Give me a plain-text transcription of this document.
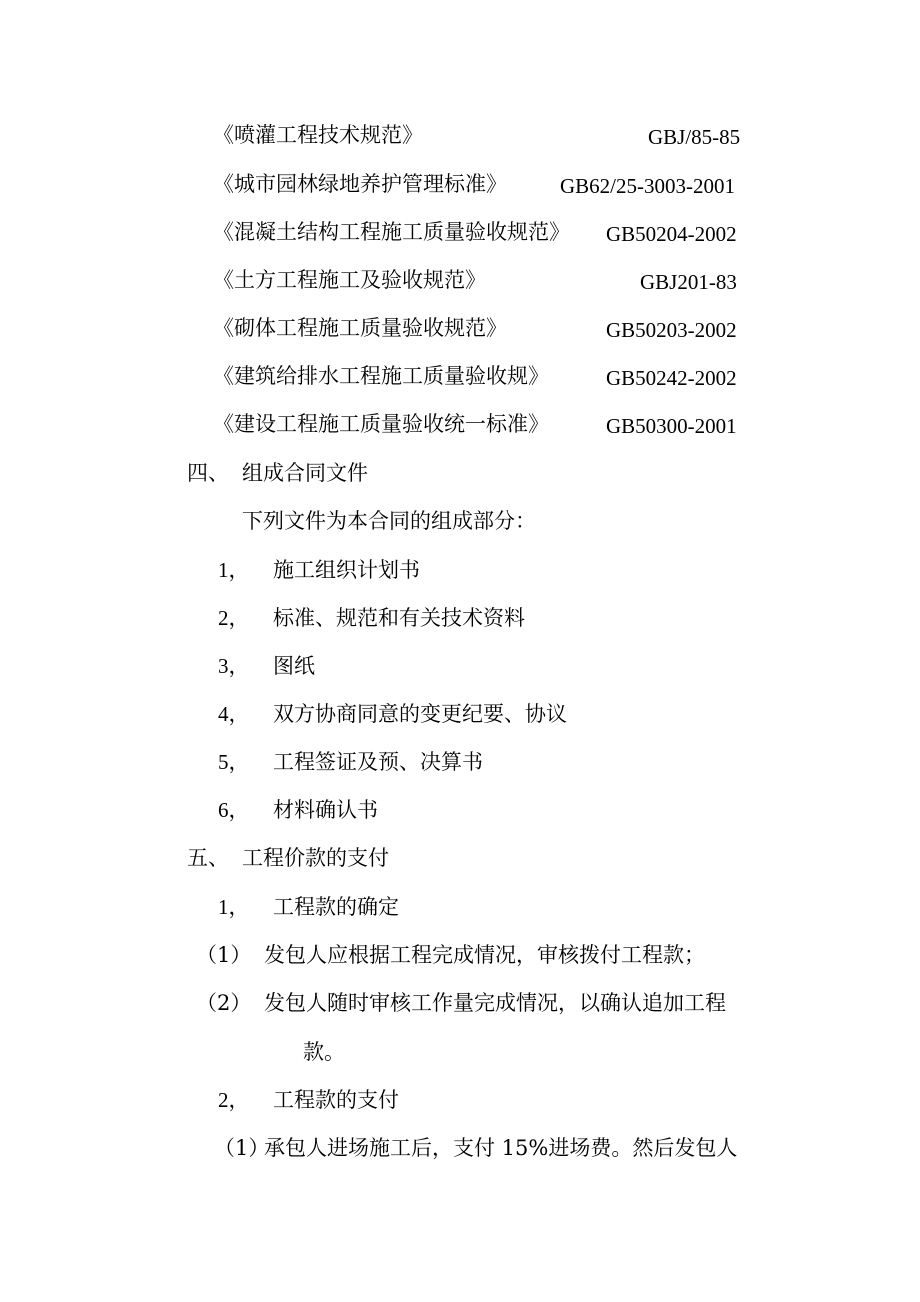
《喷灌工程技术规范》	GBJ/85-85
《城市园林绿地养护管理标准》	GB62/25-3003-2001
《混凝土结构工程施工质量验收规范》 GB50204-2002
《土方工程施工及验收规范》	GBJ201-83
《砌体工程施工质量验收规范》	GB50203-2002
《建筑给排水工程施工质量验收规》	GB50242-2002
《建设工程施工质量验收统一标准》	GB50300-2001
四、 组成合同文件
下列文件为本合同的组成部分：
1， 施工组织计划书
2， 标准、规范和有关技术资料
3， 图纸
4， 双方协商同意的变更纪要、协议
5， 工程签证及预、决算书
6， 材料确认书
五、 工程价款的支付
1， 工程款的确定
（1） 发包人应根据工程完成情况，审核拨付工程款；
（2） 发包人随时审核工作量完成情况，以确认追加工程
款。
2， 工程款的支付
（1）
承包人进场施工后，支付 15%进场费。然后发包人
